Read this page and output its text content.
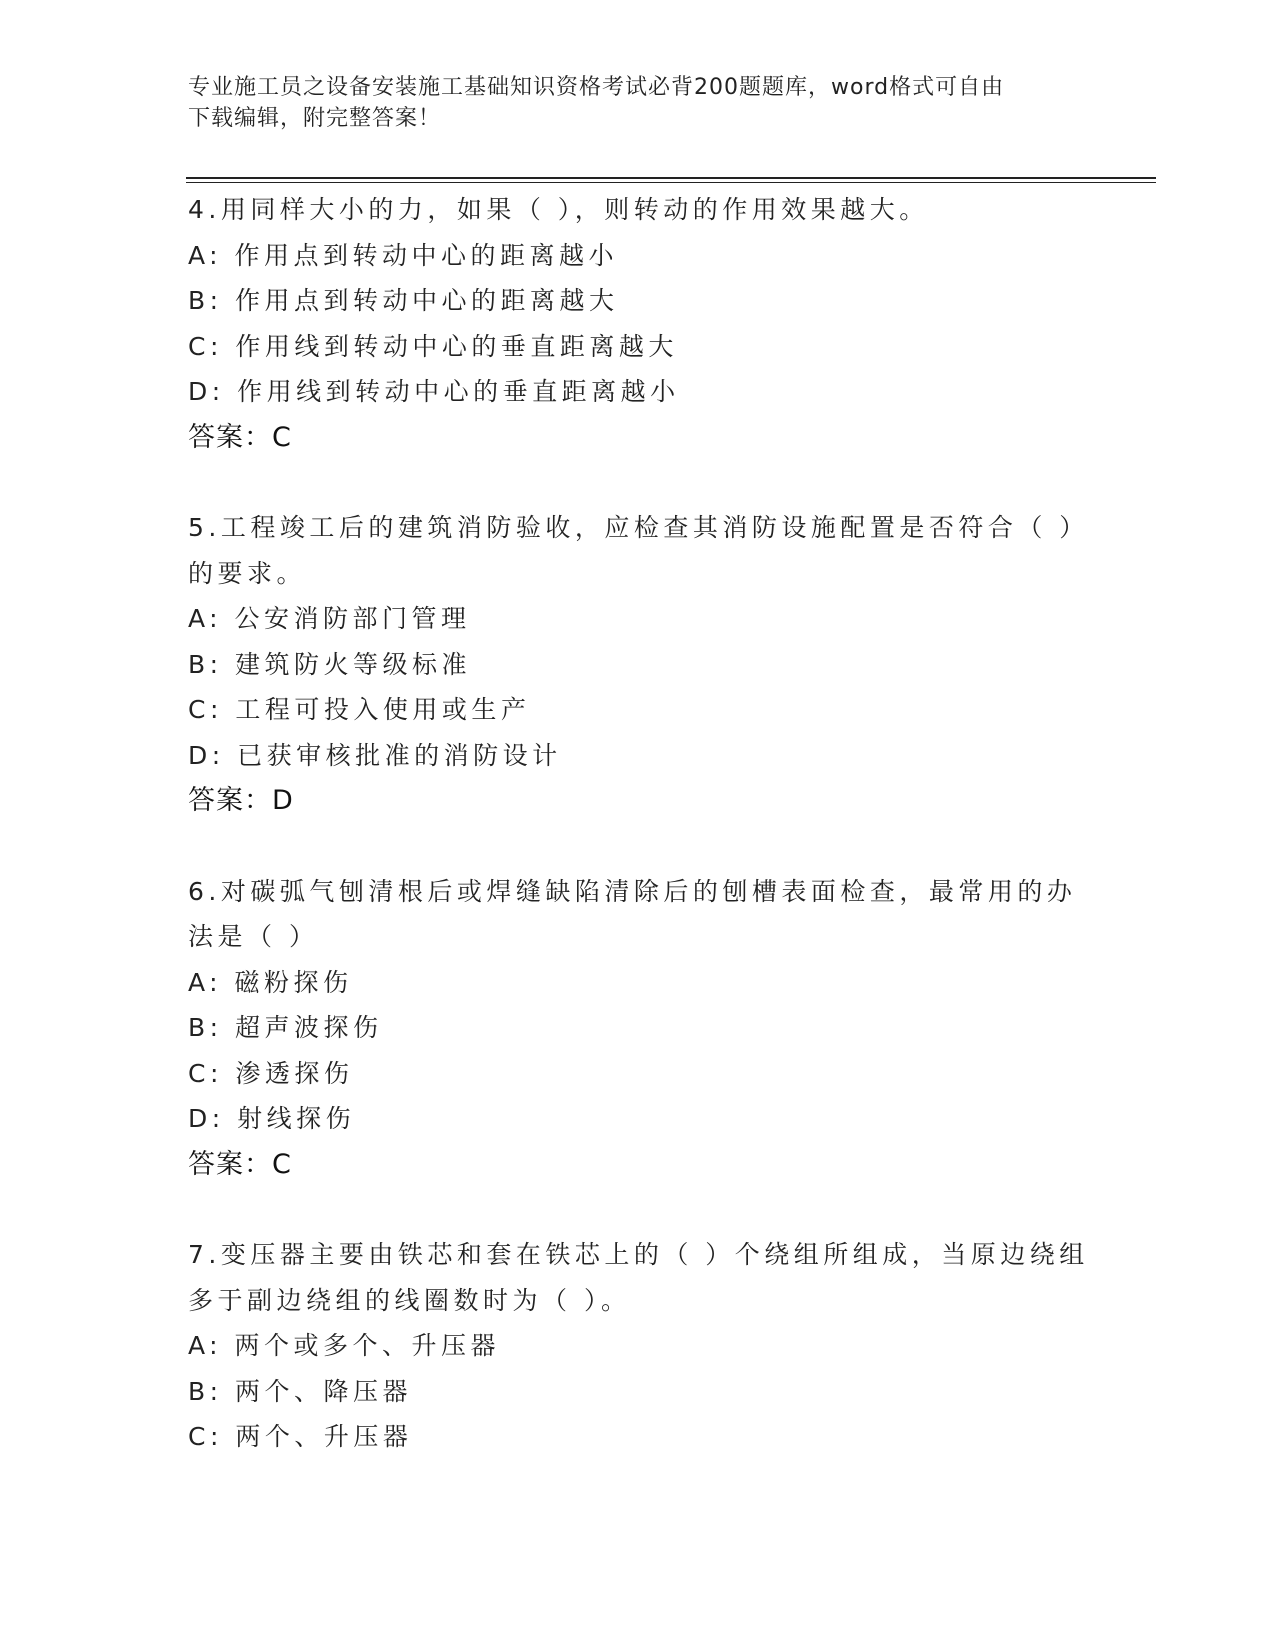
专业施工员之设备安装施工基础知识资格考试必背200题题库，word格式可自由
下载编辑，附完整答案！
4.用同样大小的力，如果（ ），则转动的作用效果越大。
A: 作用点到转动中心的距离越小
B: 作用点到转动中心的距离越大
C: 作用线到转动中心的垂直距离越大
D: 作用线到转动中心的垂直距离越小
答案：C
5.工程竣工后的建筑消防验收，应检查其消防设施配置是否符合（ ）
的要求。
A: 公安消防部门管理
B: 建筑防火等级标准
C: 工程可投入使用或生产
D: 已获审核批准的消防设计
答案：D
6.对碳弧气刨清根后或焊缝缺陷清除后的刨槽表面检查，最常用的办
法是（ ）
A: 磁粉探伤
B: 超声波探伤
C: 渗透探伤
D: 射线探伤
答案：C
7.变压器主要由铁芯和套在铁芯上的（ ）个绕组所组成，当原边绕组
多于副边绕组的线圈数时为（ ）。
A: 两个或多个、升压器
B: 两个、降压器
C: 两个、升压器
